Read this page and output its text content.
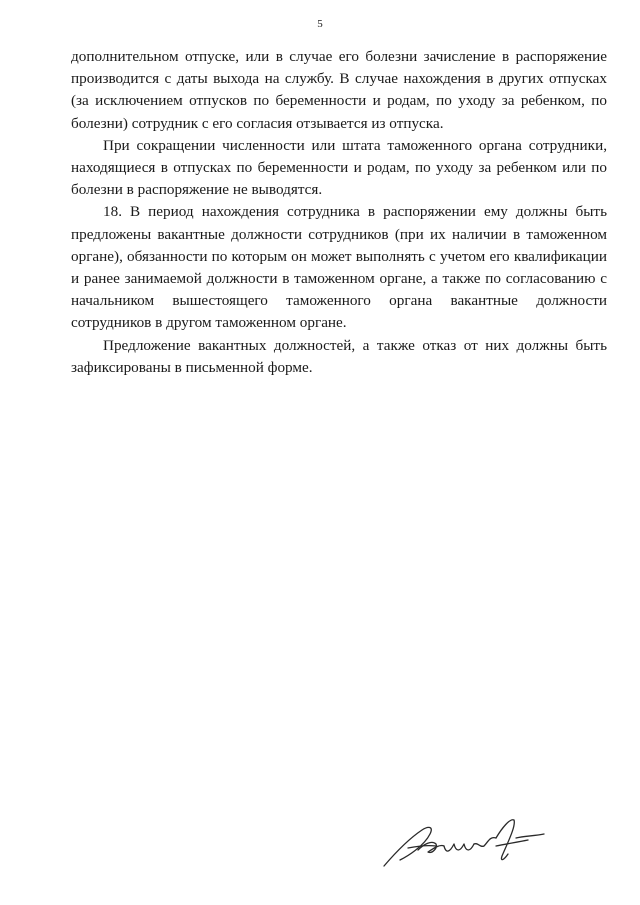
5

дополнительном отпуске, или в случае его болезни зачисление в распоряжение производится с даты выхода на службу. В случае нахождения в других отпусках (за исключением отпусков по беременности и родам, по уходу за ребенком, по болезни) сотрудник с его согласия отзывается из отпуска.

При сокращении численности или штата таможенного органа сотрудники, находящиеся в отпусках по беременности и родам, по уходу за ребенком или по болезни в распоряжение не выводятся.

18. В период нахождения сотрудника в распоряжении ему должны быть предложены вакантные должности сотрудников (при их наличии в таможенном органе), обязанности по которым он может выполнять с учетом его квалификации и ранее занимаемой должности в таможенном органе, а также по согласованию с начальником вышестоящего таможенного органа вакантные должности сотрудников в другом таможенном органе.

Предложение вакантных должностей, а также отказ от них должны быть зафиксированы в письменной форме.
